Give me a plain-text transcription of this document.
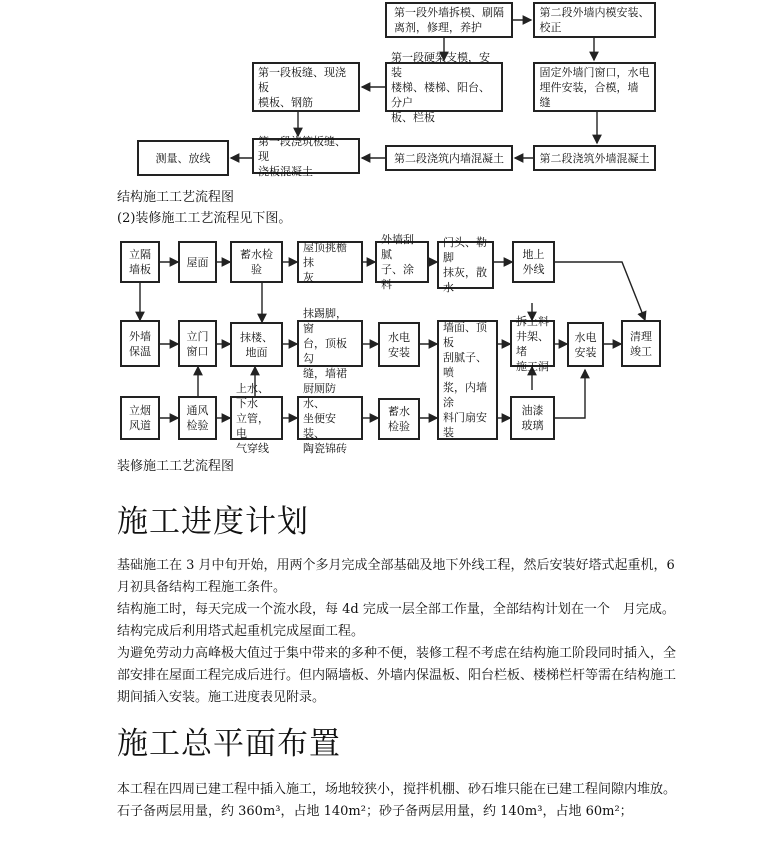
第一段外墙拆模、刷隔
离剂，修理，养护
第二段外墙内模安装、
校正
第一段板缝、现浇板
模板、钢筋
第一段硬架支模，安装
楼梯、楼梯、阳台、分户
板、栏板
固定外墙门窗口，水电
埋件安装，合模，墙
缝
测量、放线
第一段浇筑板缝、现
浇板混凝土
第二段浇筑内墙混凝土	第二段浇筑外墙混凝土
结构施工工艺流程图
(2)装修施工工艺流程见下图。
立隔
墙板
屋面
蓄水检验
屋顶挑檐抹
灰
外墙刮腻
子、涂料
门头、勒脚
抹灰，散
水
地上
外线
外墙
保温
立门
窗口
抹楼、地面
抹踢脚，窗
台，顶板勾
缝，墙裙
水电
安装
墙面、顶板
刮腻子、喷
浆，内墙涂
料门扇安装
拆上料
井架、堵
施工洞
水电
安装
清理
竣工
立烟
风道
通风
检验
上水、下水
立管，电
气穿线
厨厕防水、
坐便安装、
陶瓷锦砖
蓄水
检验
油漆
玻璃
装修施工工艺流程图
施工进度计划
基础施工在 3 月中旬开始，用两个多月完成全部基础及地下外线工程，然后安装好塔式起重机，6 月初具备结构工程施工条件。
结构施工时，每天完成一个流水段，每 4d 完成一层全部工作量，全部结构计划在一个　月完成。结构完成后利用塔式起重机完成屋面工程。
为避免劳动力高峰极大值过于集中带来的多种不便，装修工程不考虑在结构施工阶段同时插入，全部安排在屋面工程完成后进行。但内隔墙板、外墙内保温板、阳台栏板、楼梯栏杆等需在结构施工期间插入安装。施工进度表见附录。
施工总平面布置
本工程在四周已建工程中插入施工，场地较狭小，搅拌机棚、砂石堆只能在已建工程间隙内堆放。石子备两层用量，约 360m³，占地 140m²；砂子备两层用量，约 140m³，占地 60m²；
